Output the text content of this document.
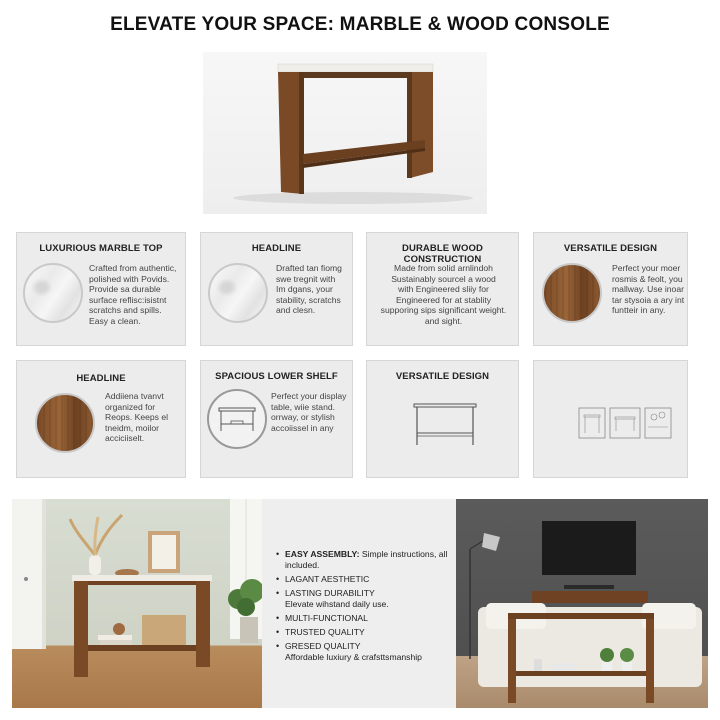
ELEVATE YOUR SPACE: MARBLE & WOOD CONSOLE
LUXURIOUS MARBLE TOP
Crafted from authentic,
polished with Povids.
Provide sa durable
surface reflisc:isistnt
scratchs and spills.
Easy a clean.
HEADLINE
Drafted tan fiomg
swe tregnit with
Im dgans, your
stability, scratchs
and clesn.
DURABLE WOOD CONSTRUCTION
Made from solid arnlindoh
Sustainably sourcel a wood
with Engineered sliiy for
Engineered for at stablity
supporing sips significant weight.
and sight.
VERSATILE DESIGN
Perfect your moer
rosmis & feolt, you
mallway. Use inoar
tar stysoia a ary int
funtteir in any.
HEADLINE
Addiiena tvanvt
organized for
Reops. Keeps el
tneidm, moilor
acciciiselt.
SPACIOUS LOWER SHELF
Perfect your display
table, wiie stand.
orrway, or stylish
accoiissel in any
VERSATILE DESIGN
• EASY ASSEMBLY: Simple instructions, all
included.
• LAGANT AESTHETIC
• LASTING DURABILITY
Elevate wihstand daily use.
• MULTI-FUNCTIONAL
• TRUSTED QUALITY
• GRESED QUALITY
Affordable luxiury & crafsttsmanship
